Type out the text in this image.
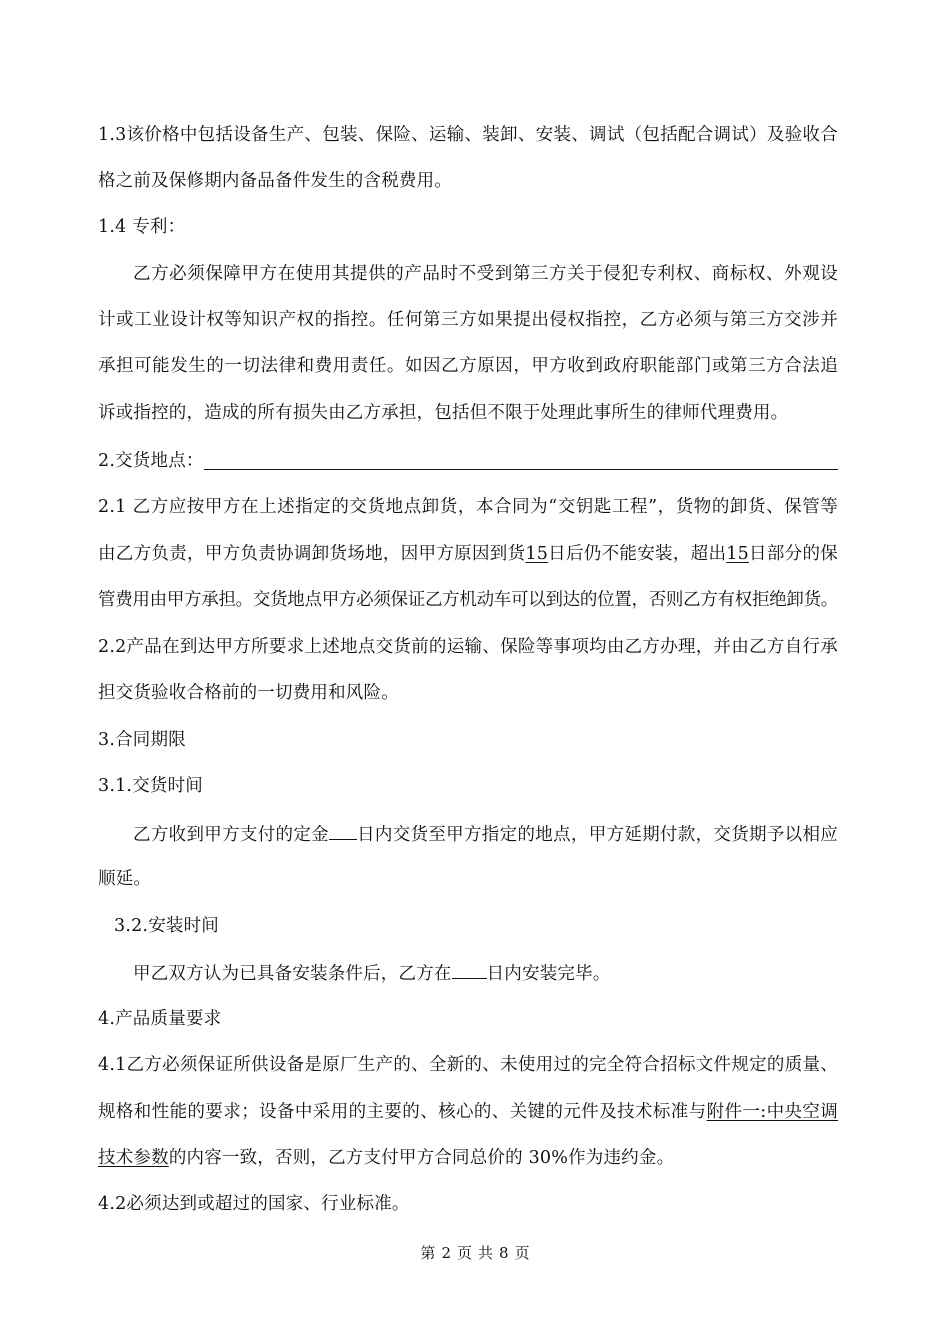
1.3该价格中包括设备生产、包装、保险、运输、装卸、安装、调试（包括配合调试）及验收合
格之前及保修期内备品备件发生的含税费用。
1.4 专利：
乙方必须保障甲方在使用其提供的产品时不受到第三方关于侵犯专利权、商标权、外观设
计或工业设计权等知识产权的指控。任何第三方如果提出侵权指控，乙方必须与第三方交涉并
承担可能发生的一切法律和费用责任。如因乙方原因，甲方收到政府职能部门或第三方合法追
诉或指控的，造成的所有损失由乙方承担，包括但不限于处理此事所生的律师代理费用。
2.交货地点：
2.1 乙方应按甲方在上述指定的交货地点卸货，本合同为“交钥匙工程”，货物的卸货、保管等
由乙方负责，甲方负责协调卸货场地，因甲方原因到货15日后仍不能安装，超出15日部分的保
管费用由甲方承担。交货地点甲方必须保证乙方机动车可以到达的位置，否则乙方有权拒绝卸货。
2.2产品在到达甲方所要求上述地点交货前的运输、保险等事项均由乙方办理，并由乙方自行承
担交货验收合格前的一切费用和风险。
3.合同期限
3.1.交货时间
乙方收到甲方支付的定金 日内交货至甲方指定的地点，甲方延期付款，交货期予以相应
顺延。
3.2.安装时间
甲乙双方认为已具备安装条件后，乙方在 日内安装完毕。
4.产品质量要求
4.1乙方必须保证所供设备是原厂生产的、全新的、未使用过的完全符合招标文件规定的质量、
规格和性能的要求；设备中采用的主要的、核心的、关键的元件及技术标准与附件一:中央空调
技术参数的内容一致，否则，乙方支付甲方合同总价的 30%作为违约金。
4.2必须达到或超过的国家、行业标准。
第 2 页 共 8 页
